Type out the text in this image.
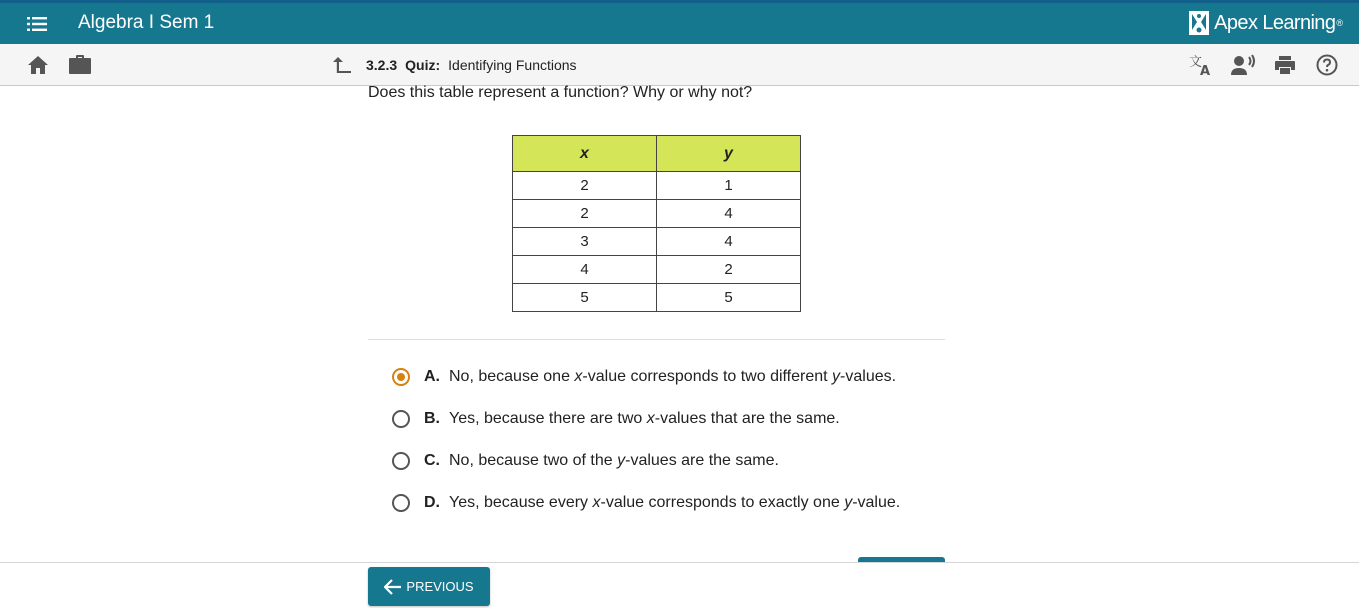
Algebra I Sem 1	Apex Learning ®
3.2.3 Quiz: Identifying Functions	文
A
Does this table represent a function? Why or why not?
x	y
2	1
2	4
3	4
4	2
5	5
A. No, because one x-value corresponds to two different y-values.
B. Yes, because there are two x-values that are the same.
C. No, because two of the y-values are the same.
D. Yes, because every x-value corresponds to exactly one y-value.
PREVIOUS
